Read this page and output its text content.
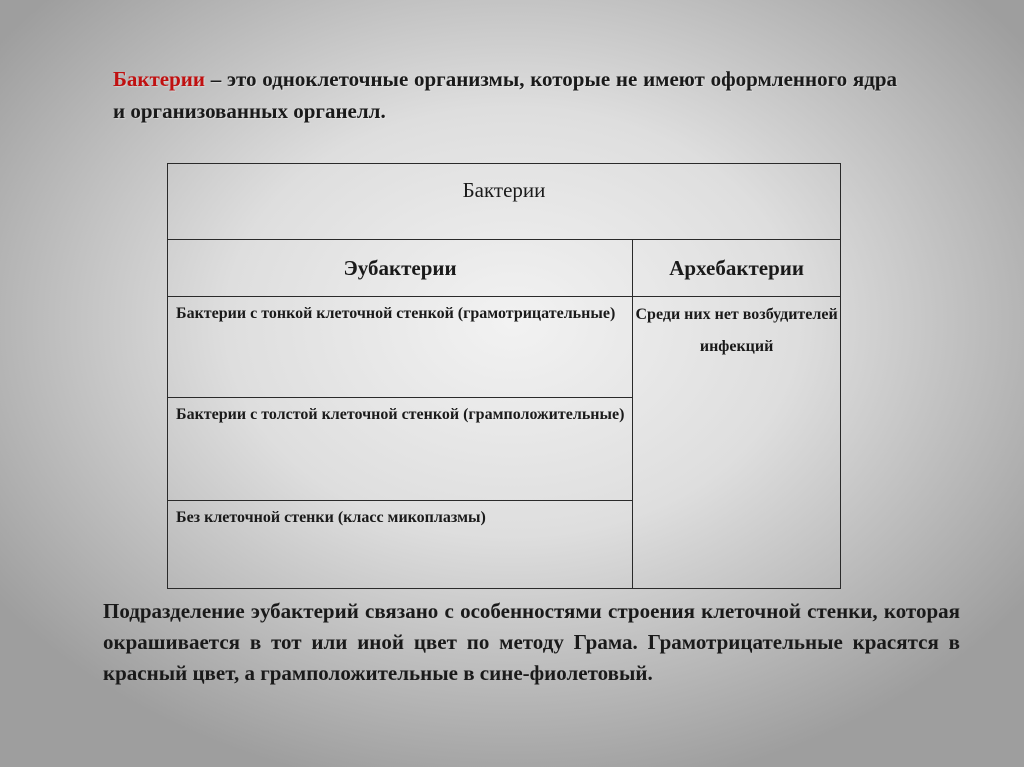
Бактерии – это одноклеточные организмы, которые не имеют оформленного ядра и организованных органелл.
Бактерии	
Эубактерии	Архебактерии
Бактерии с тонкой клеточной стенкой (грамотрицательные)	Среди них нет возбудителей инфекций
Бактерии с толстой клеточной стенкой (грамположительные)	
Без клеточной стенки (класс микоплазмы)	
Подразделение эубактерий связано с особенностями строения клеточной стенки, которая окрашивается в тот или иной цвет по методу Грама. Грамотрицательные красятся в красный цвет, а грамположительные в сине-фиолетовый.
